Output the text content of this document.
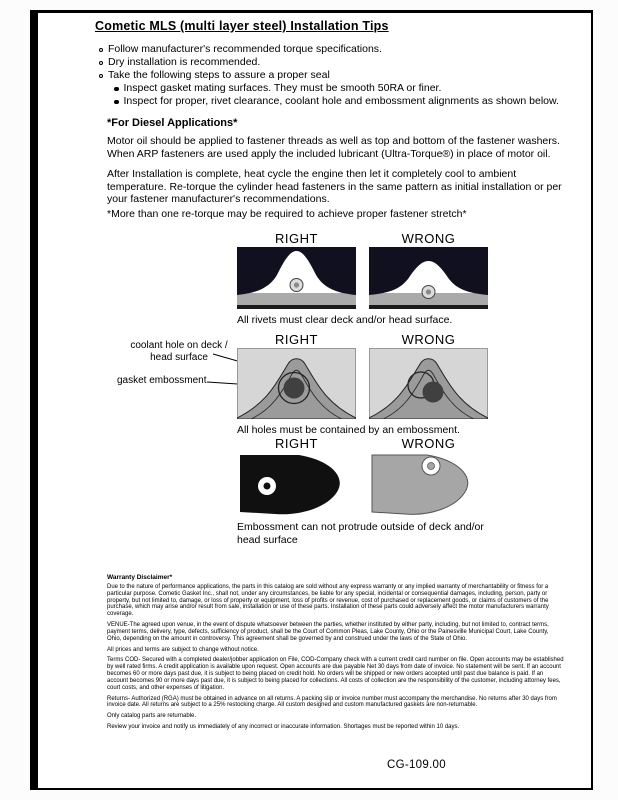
Cometic MLS (multi layer steel) Installation Tips
Follow manufacturer's recommended torque specifications.
Dry installation is recommended.
Take the following steps to assure a proper seal
Inspect gasket mating surfaces. They must be smooth 50RA or finer.
Inspect for proper, rivet clearance, coolant hole and embossment alignments as shown below.
*For Diesel Applications*
Motor oil should be applied to fastener threads as well as top and bottom of the fastener washers. When ARP fasteners are used apply the included lubricant (Ultra-Torque®) in place of motor oil.
After Installation is complete, heat cycle the engine then let it completely cool to ambient temperature. Re-torque the cylinder head fasteners in the same pattern as initial installation or per your fastener manufacturer's recommendations.
*More than one re-torque may be required to achieve proper fastener stretch*
RIGHT	WRONG
All rivets must clear deck and/or head surface.
coolant hole on deck / head surface
gasket embossment
RIGHT	WRONG
All holes must be contained by an embossment.
RIGHT	WRONG
Embossment can not protrude outside of deck and/or head surface
Warranty Disclaimer*

Due to the nature of performance applications, the parts in this catalog are sold without any express warranty or any implied warranty of merchantability or fitness for a particular purpose. Cometic Gasket Inc., shall not, under any circumstances, be liable for any special, incidental or consequential damages, including, person, party or property, but not limited to, damage, or loss of property or equipment, loss of profits or revenue, cost of purchased or replacement goods, or claims of customers of the purchase, which may arise and/or result from sale, installation or use of these parts. Installation of these parts could adversely affect the motor manufacturers warranty coverage.

VENUE-The agreed upon venue, in the event of dispute whatsoever between the parties, whether instituted by either party, including, but not limited to, contract terms, payment terms, delivery, type, defects, sufficiency of product, shall be the Court of Common Pleas, Lake County, Ohio or the Painesville Municipal Court, Lake County, Ohio, depending on the amount in controversy. This agreement shall be governed by and construed under the laws of the State of Ohio.

All prices and terms are subject to change without notice.

Terms COD- Secured with a completed dealer/jobber application on File, COD-Company check with a current credit card number on file. Open accounts may be established by well rated firms. A credit application is available upon request. Open accounts are due payable Net 30 days from date of invoice. No statement will be sent. If an account becomes 60 or more days past due, it is subject to being placed on credit hold. No orders will be shipped or new orders accepted until past due balance is paid. If an account becomes 90 or more days past due, it is subject to being placed for collections. All costs of collection are the responsibility of the customer, including attorney fees, court costs, and other expenses of litigation.

Returns- Authorized (RGA) must be obtained in advance on all returns. A packing slip or invoice number must accompany the merchandise. No returns after 30 days from invoice date. All returns are subject to a 25% restocking charge. All custom designed and custom manufactured gaskets are non-returnable.

Only catalog parts are returnable.

Review your invoice and notify us immediately of any incorrect or inaccurate information. Shortages must be reported within 10 days.

CG-109.00
